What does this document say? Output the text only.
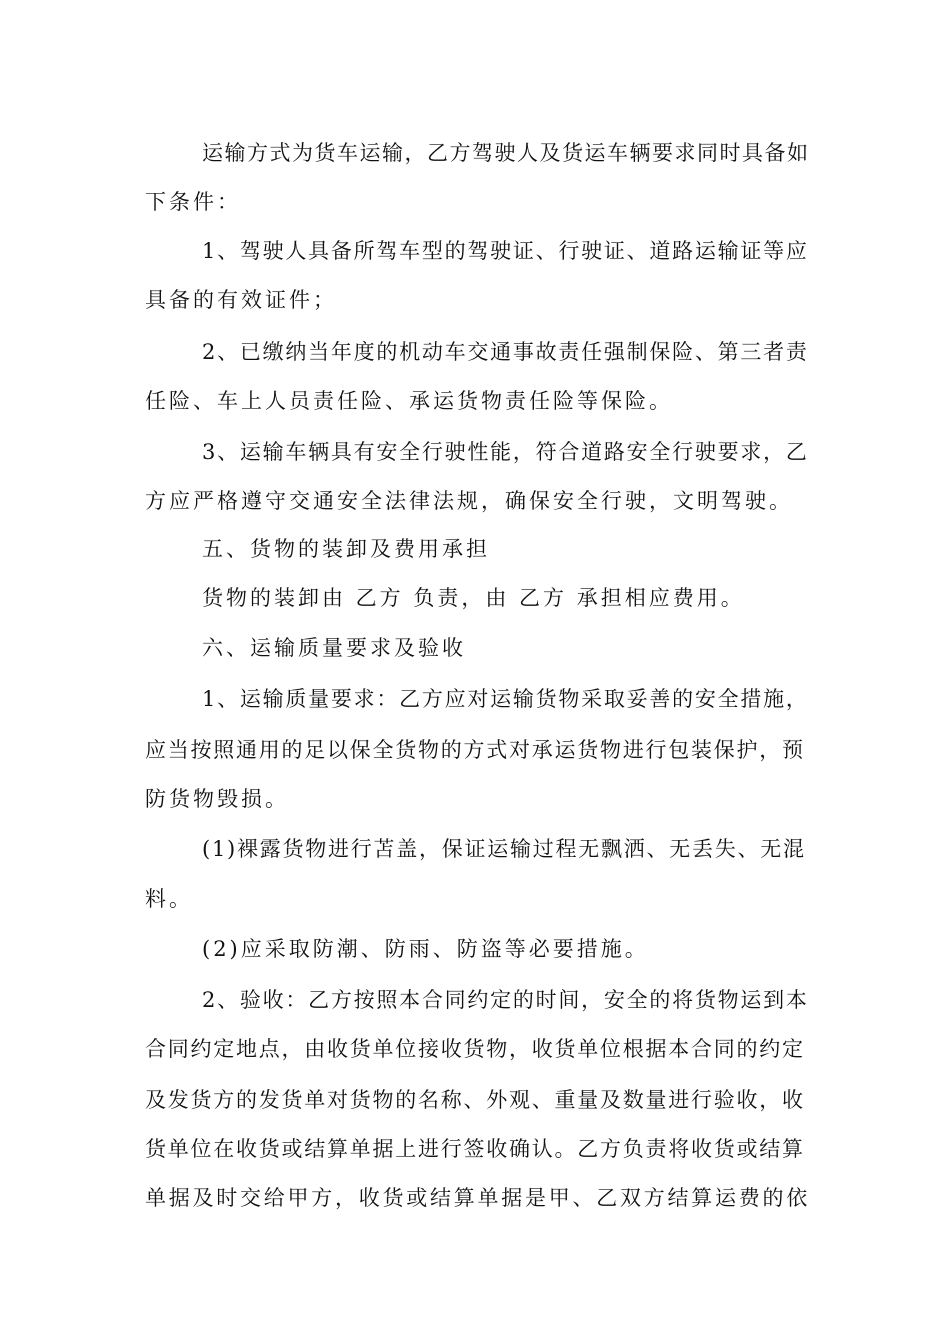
运输方式为货车运输，乙方驾驶人及货运车辆要求同时具备如
下条件：
1、驾驶人具备所驾车型的驾驶证、行驶证、道路运输证等应
具备的有效证件；
2、已缴纳当年度的机动车交通事故责任强制保险、第三者责
任险、车上人员责任险、承运货物责任险等保险。
3、运输车辆具有安全行驶性能，符合道路安全行驶要求，乙
方应严格遵守交通安全法律法规，确保安全行驶，文明驾驶。
五、货物的装卸及费用承担
货物的装卸由 乙方 负责，由 乙方 承担相应费用。
六、运输质量要求及验收
1、运输质量要求：乙方应对运输货物采取妥善的安全措施，
应当按照通用的足以保全货物的方式对承运货物进行包装保护，预
防货物毁损。
(1)裸露货物进行苫盖，保证运输过程无飘洒、无丢失、无混
料。
(2)应采取防潮、防雨、防盗等必要措施。
2、验收：乙方按照本合同约定的时间，安全的将货物运到本
合同约定地点，由收货单位接收货物，收货单位根据本合同的约定
及发货方的发货单对货物的名称、外观、重量及数量进行验收，收
货单位在收货或结算单据上进行签收确认。乙方负责将收货或结算
单据及时交给甲方，收货或结算单据是甲、乙双方结算运费的依
